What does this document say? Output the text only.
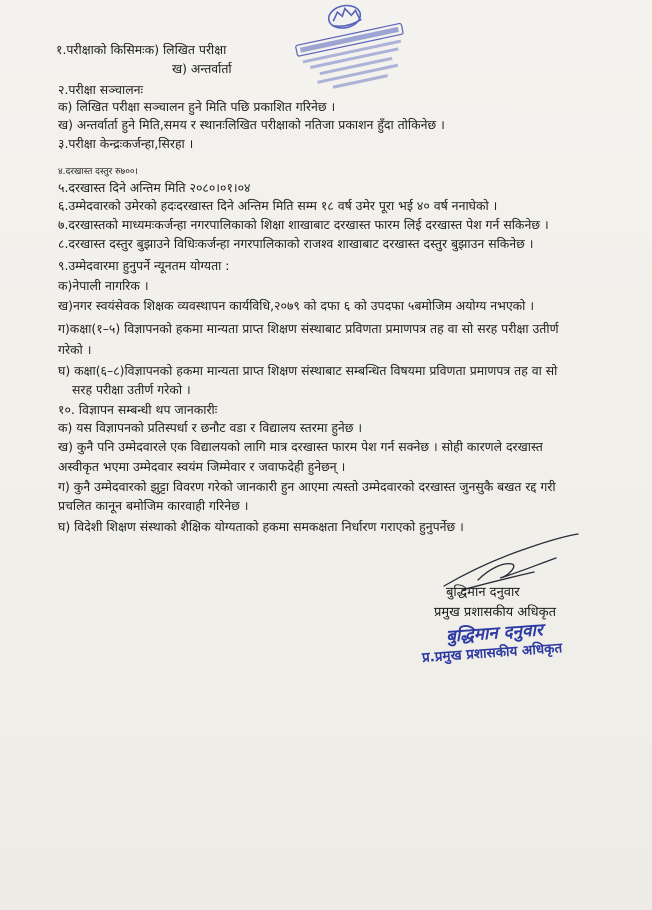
१.परीक्षाको किसिमःक) लिखित परीक्षा
ख) अन्तर्वार्ता
२.परीक्षा सञ्चालनः
क) लिखित परीक्षा सञ्चालन हुने मिति पछि प्रकाशित गरिनेछ ।
ख) अन्तर्वार्ता हुने मिति,समय र स्थानःलिखित परीक्षाको नतिजा प्रकाशन हुँदा तोकिनेछ ।
३.परीक्षा केन्द्रःकर्जन्हा,सिरहा ।
४.दरखास्त दस्तुर रु७००।
५.दरखास्त दिने अन्तिम मिति २०८०।०१।०४
६.उम्मेदवारको उमेरको हदःदरखास्त दिने अन्तिम मिति सम्म १८ वर्ष उमेर पूरा भई ४० वर्ष ननाघेको ।
७.दरखास्तको माध्यमःकर्जन्हा नगरपालिकाको शिक्षा शाखाबाट दरखास्त फारम लिई दरखास्त पेश गर्न सकिनेछ ।
८.दरखास्त दस्तुर बुझाउने विधिःकर्जन्हा नगरपालिकाको राजश्व शाखाबाट दरखास्त दस्तुर बुझाउन सकिनेछ ।
९.उम्मेदवारमा हुनुपर्ने न्यूनतम योग्यता :
क)नेपाली नागरिक ।
ख)नगर स्वयंसेवक शिक्षक व्यवस्थापन कार्यविधि,२०७९ को दफा ६ को उपदफा ५बमोजिम अयोग्य नभएको ।
ग)कक्षा(१–५) विज्ञापनको हकमा मान्यता प्राप्त शिक्षण संस्थाबाट प्रविणता प्रमाणपत्र तह वा सो सरह परीक्षा उतीर्ण
गरेको ।
घ) कक्षा(६–८)विज्ञापनको हकमा मान्यता प्राप्त शिक्षण संस्थाबाट सम्बन्धित विषयमा प्रविणता प्रमाणपत्र तह वा सो
सरह परीक्षा उतीर्ण गरेको ।
१०. विज्ञापन सम्बन्धी थप जानकारीः
क) यस विज्ञापनको प्रतिस्पर्धा र छनौट वडा र विद्यालय स्तरमा हुनेछ ।
ख) कुनै पनि उम्मेदवारले एक विद्यालयको लागि मात्र दरखास्त फारम पेश गर्न सक्नेछ । सोही कारणले दरखास्त
अस्वीकृत भएमा उम्मेदवार स्वयंम जिम्मेवार र जवाफदेही हुनेछन् ।
ग) कुनै उम्मेदवारको झुट्टा विवरण गरेको जानकारी हुन आएमा त्यस्तो उम्मेदवारको दरखास्त जुनसुकै बखत रद्द गरी
प्रचलित कानून बमोजिम कारवाही गरिनेछ ।
घ) विदेशी शिक्षण संस्थाको शैक्षिक योग्यताको हकमा समकक्षता निर्धारण गराएको हुनुपर्नेछ ।
बुद्धिमान दनुवार
प्रमुख प्रशासकीय अधिकृत
बुद्धिमान दनुवार
प्र.प्रमुख प्रशासकीय अधिकृत
